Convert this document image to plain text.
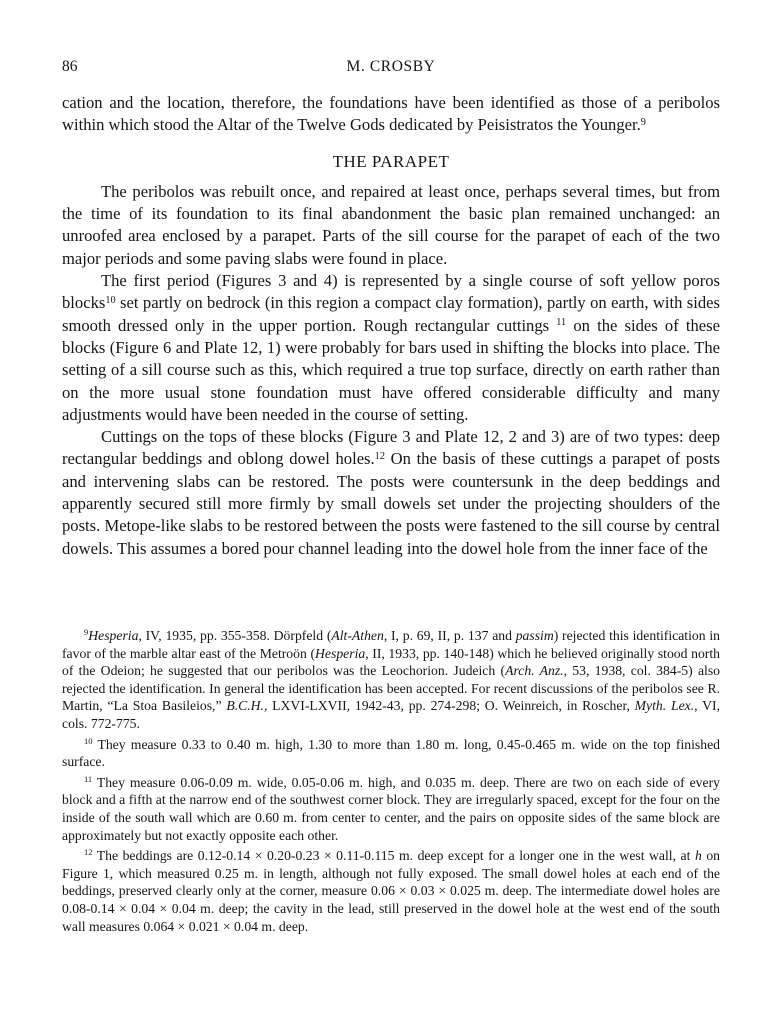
86	M. CROSBY

cation and the location, therefore, the foundations have been identified as those of a peribolos within which stood the Altar of the Twelve Gods dedicated by Peisistratos the Younger.$^9$

THE PARAPET

The peribolos was rebuilt once, and repaired at least once, perhaps several times, but from the time of its foundation to its final abandonment the basic plan remained unchanged: an unroofed area enclosed by a parapet. Parts of the sill course for the parapet of each of the two major periods and some paving slabs were found in place.

The first period (Figures 3 and 4) is represented by a single course of soft yellow poros blocks$^{10}$ set partly on bedrock (in this region a compact clay formation), partly on earth, with sides smooth dressed only in the upper portion. Rough rectangular cuttings $^{11}$ on the sides of these blocks (Figure 6 and Plate 12, 1) were probably for bars used in shifting the blocks into place. The setting of a sill course such as this, which required a true top surface, directly on earth rather than on the more usual stone foundation must have offered considerable difficulty and many adjustments would have been needed in the course of setting.

Cuttings on the tops of these blocks (Figure 3 and Plate 12, 2 and 3) are of two types: deep rectangular beddings and oblong dowel holes.$^{12}$ On the basis of these cuttings a parapet of posts and intervening slabs can be restored. The posts were countersunk in the deep beddings and apparently secured still more firmly by small dowels set under the projecting shoulders of the posts. Metope-like slabs to be restored between the posts were fastened to the sill course by central dowels. This assumes a bored pour channel leading into the dowel hole from the inner face of the

$^9$Hesperia, IV, 1935, pp. 355-358. Dörpfeld (Alt-Athen, I, p. 69, II, p. 137 and passim) rejected this identification in favor of the marble altar east of the Metroön (Hesperia, II, 1933, pp. 140-148) which he believed originally stood north of the Odeion; he suggested that our peribolos was the Leochorion. Judeich (Arch. Anz., 53, 1938, col. 384-5) also rejected the identification. In general the identification has been accepted. For recent discussions of the peribolos see R. Martin, “La Stoa Basileios,” B.C.H., LXVI-LXVII, 1942-43, pp. 274-298; O. Weinreich, in Roscher, Myth. Lex., VI, cols. 772-775.

$^{10}$ They measure 0.33 to 0.40 m. high, 1.30 to more than 1.80 m. long, 0.45-0.465 m. wide on the top finished surface.

$^{11}$ They measure 0.06-0.09 m. wide, 0.05-0.06 m. high, and 0.035 m. deep. There are two on each side of every block and a fifth at the narrow end of the southwest corner block. They are irregularly spaced, except for the four on the inside of the south wall which are 0.60 m. from center to center, and the pairs on opposite sides of the same block are approximately but not exactly opposite each other.

$^{12}$ The beddings are 0.12-0.14 × 0.20-0.23 × 0.11-0.115 m. deep except for a longer one in the west wall, at h on Figure 1, which measured 0.25 m. in length, although not fully exposed. The small dowel holes at each end of the beddings, preserved clearly only at the corner, measure 0.06 × 0.03 × 0.025 m. deep. The intermediate dowel holes are 0.08-0.14 × 0.04 × 0.04 m. deep; the cavity in the lead, still preserved in the dowel hole at the west end of the south wall measures 0.064 × 0.021 × 0.04 m. deep.
